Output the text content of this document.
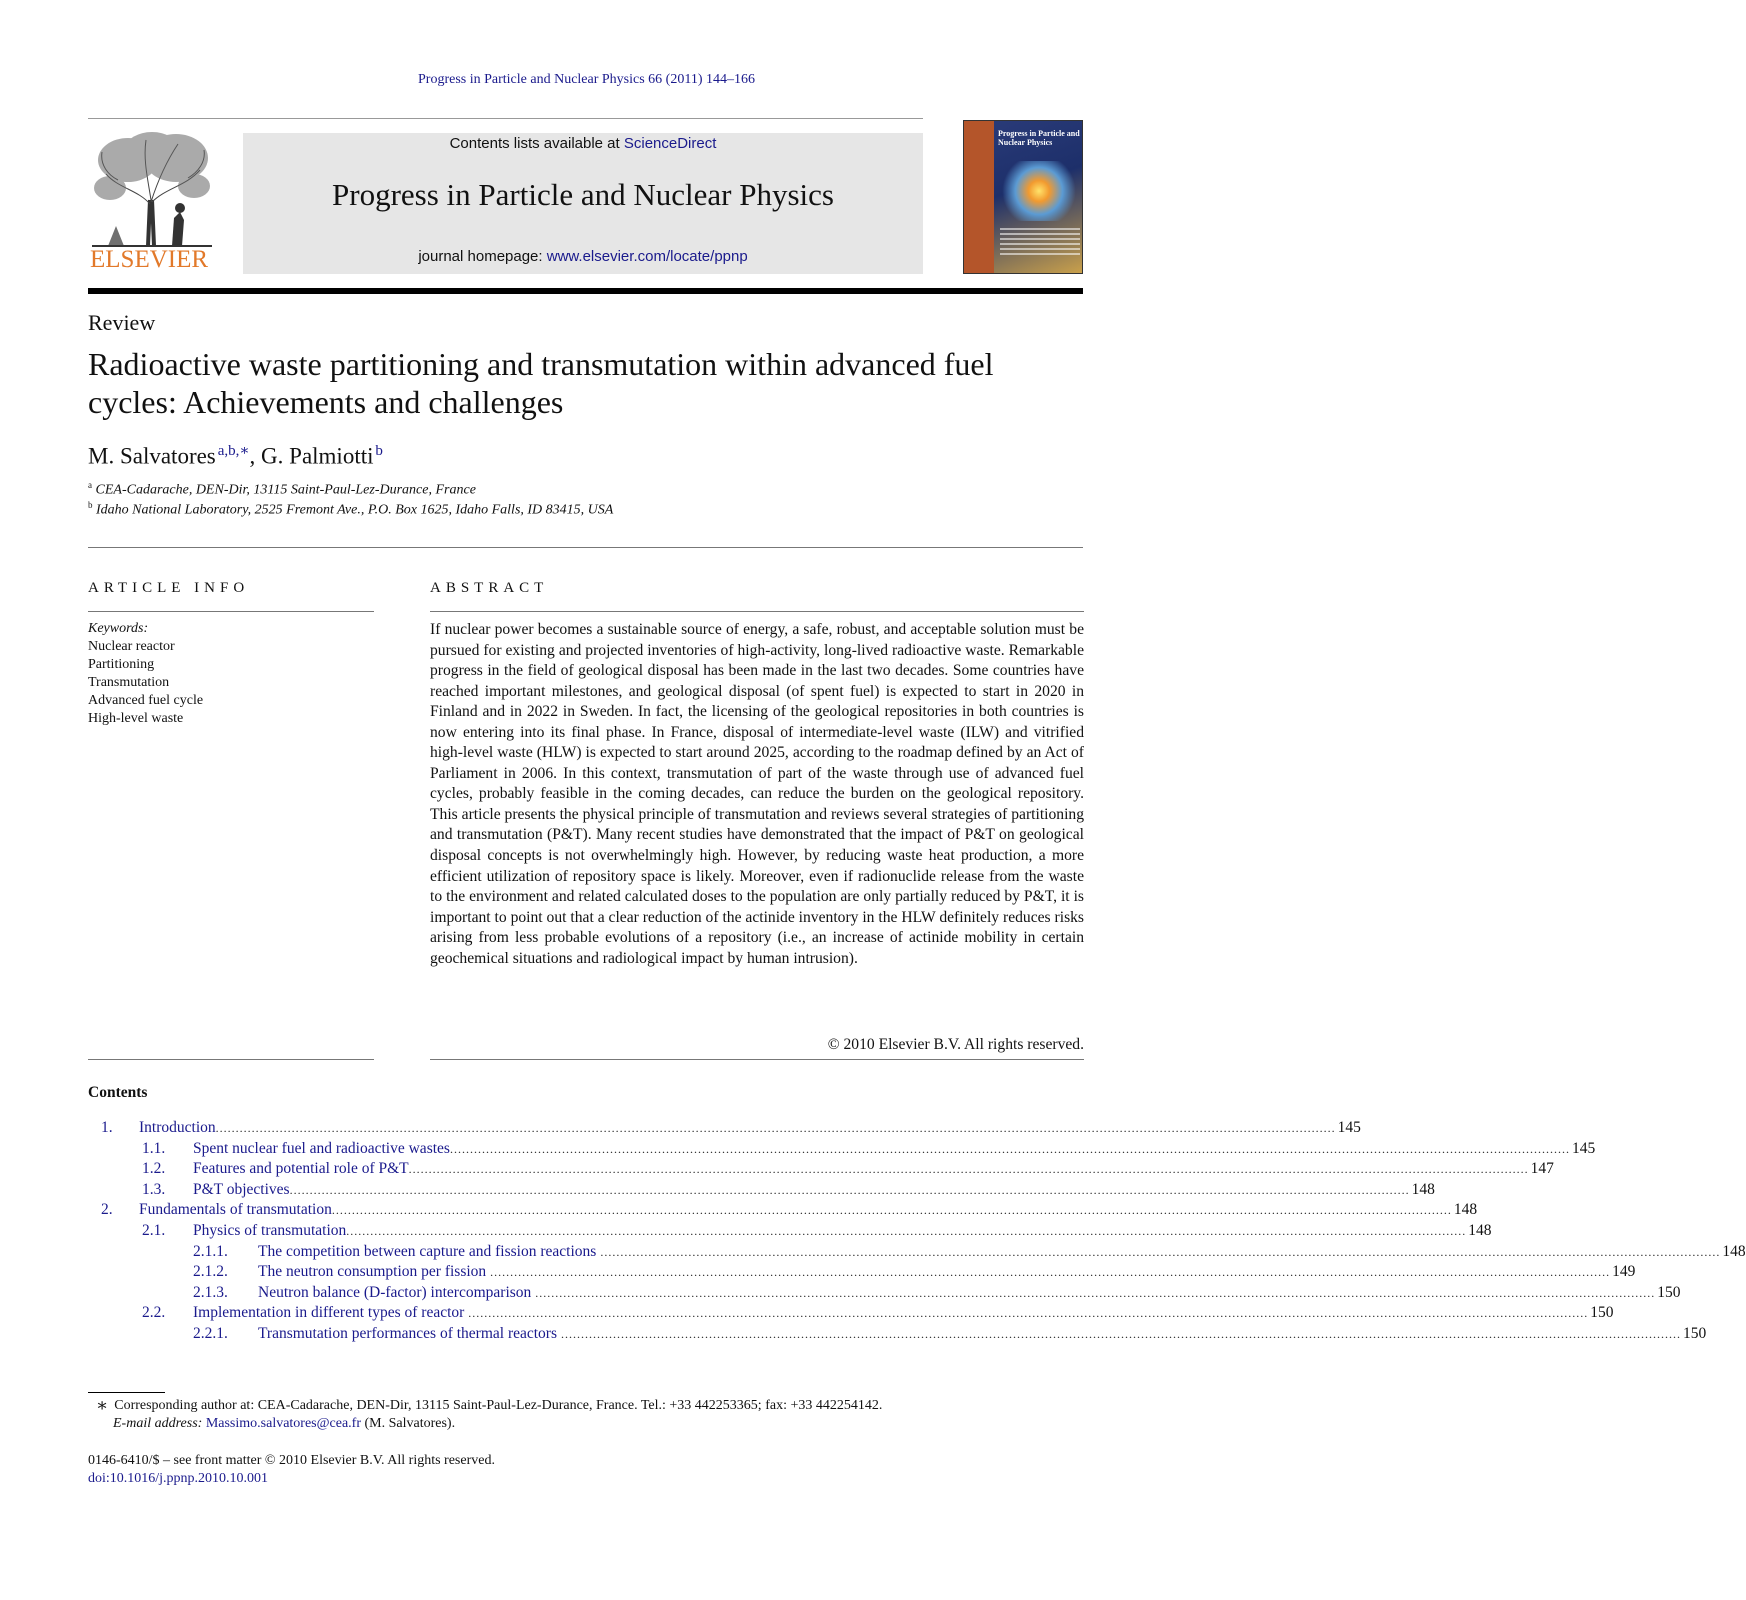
Progress in Particle and Nuclear Physics 66 (2011) 144–166
ELSEVIER
Contents lists available at ScienceDirect
Progress in Particle and Nuclear Physics
journal homepage: www.elsevier.com/locate/ppnp
Progress in Particle and Nuclear Physics
Review
Radioactive waste partitioning and transmutation within advanced fuel
cycles: Achievements and challenges
M. Salvatores  $^{a,b,∗}$, G. Palmiotti  $^b$
$^a$ CEA-Cadarache, DEN-Dir, 13115 Saint-Paul-Lez-Durance, France
$^b$ Idaho National Laboratory, 2525 Fremont Ave., P.O. Box 1625, Idaho Falls, ID 83415, USA
ARTICLE INFO	ABSTRACT
Keywords:
Nuclear reactor
Partitioning
Transmutation
Advanced fuel cycle
High-level waste
If nuclear power becomes a sustainable source of energy, a safe, robust, and acceptable solution must be pursued for existing and projected inventories of high-activity, long-lived radioactive waste. Remarkable progress in the field of geological disposal has been made in the last two decades. Some countries have reached important milestones, and geological disposal (of spent fuel) is expected to start in 2020 in Finland and in 2022 in Sweden. In fact, the licensing of the geological repositories in both countries is now entering into its final phase. In France, disposal of intermediate-level waste (ILW) and vitrified high-level waste (HLW) is expected to start around 2025, according to the roadmap defined by an Act of Parliament in 2006. In this context, transmutation of part of the waste through use of advanced fuel cycles, probably feasible in the coming decades, can reduce the burden on the geological repository. This article presents the physical principle of transmutation and reviews several strategies of partitioning and transmutation (P&T). Many recent studies have demonstrated that the impact of P&T on geological disposal concepts is not overwhelmingly high. However, by reducing waste heat production, a more efficient utilization of repository space is likely. Moreover, even if radionuclide release from the waste to the environment and related calculated doses to the population are only partially reduced by P&T, it is important to point out that a clear reduction of the actinide inventory in the HLW definitely reduces risks arising from less probable evolutions of a repository (i.e., an increase of actinide mobility in certain geochemical situations and radiological impact by human intrusion).
© 2010 Elsevier B.V. All rights reserved.
Contents
1. Introduction ........................................................................................................................................................................................................................................................................................ 145
1.1. Spent nuclear fuel and radioactive wastes ........................................................................................................................................................................................................................................................................................ 145
1.2. Features and potential role of P&T ........................................................................................................................................................................................................................................................................................ 147
1.3. P&T objectives ........................................................................................................................................................................................................................................................................................ 148
2. Fundamentals of transmutation ........................................................................................................................................................................................................................................................................................ 148
2.1. Physics of transmutation ........................................................................................................................................................................................................................................................................................ 148
2.1.1. The competition between capture and fission reactions ........................................................................................................................................................................................................................................................................................ 148
2.1.2. The neutron consumption per fission ........................................................................................................................................................................................................................................................................................ 149
2.1.3. Neutron balance (D-factor) intercomparison ........................................................................................................................................................................................................................................................................................ 150
2.2. Implementation in different types of reactor ........................................................................................................................................................................................................................................................................................ 150
2.2.1. Transmutation performances of thermal reactors ........................................................................................................................................................................................................................................................................................ 150
∗ Corresponding author at: CEA-Cadarache, DEN-Dir, 13115 Saint-Paul-Lez-Durance, France. Tel.: +33 442253365; fax: +33 442254142.
E-mail address: Massimo.salvatores@cea.fr (M. Salvatores).
0146-6410/$ – see front matter © 2010 Elsevier B.V. All rights reserved.
doi:10.1016/j.ppnp.2010.10.001
